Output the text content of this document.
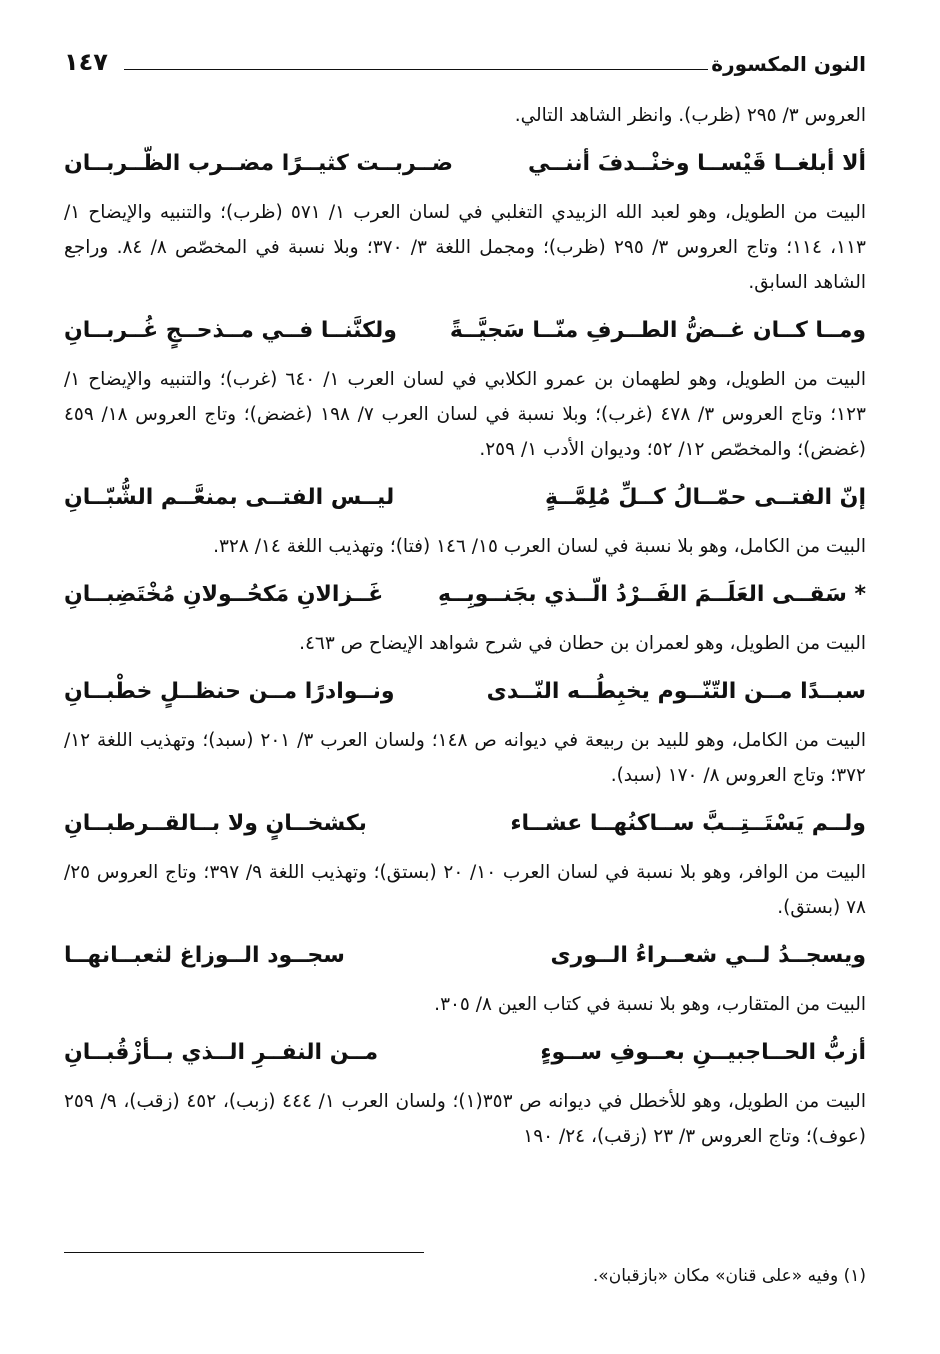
النون المكسورة
١٤٧

العروس ٣/ ٢٩٥ (ظرب). وانظر الشاهد التالي.

ألا أبلغــا قَيْســا وخنْــدفَ أننــي
ضــربــت كثيــرًا مضــرب الظّــربــان

البيت من الطويل، وهو لعبد الله الزبيدي التغلبي في لسان العرب ١/ ٥٧١ (ظرب)؛ والتنبيه والإيضاح ١/ ١١٣، ١١٤؛ وتاج العروس ٣/ ٢٩٥ (ظرب)؛ ومجمل اللغة ٣/ ٣٧٠؛ وبلا نسبة في المخصّص ٨/ ٨٤. وراجع الشاهد السابق.

ومــا كــان غــضُّ الطــرفِ منّــا سَجيَّــةً
ولكنَّنــا فــي مــذحــجٍ غُــربــانِ

البيت من الطويل، وهو لطهمان بن عمرو الكلابي في لسان العرب ١/ ٦٤٠ (غرب)؛ والتنبيه والإيضاح ١/ ١٢٣؛ وتاج العروس ٣/ ٤٧٨ (غرب)؛ وبلا نسبة في لسان العرب ٧/ ١٩٨ (غضض)؛ وتاج العروس ١٨/ ٤٥٩ (غضض)؛ والمخصّص ١٢/ ٥٢؛ وديوان الأدب ١/ ٢٥٩.

إنّ الفتــى حمّــالُ كــلِّ مُلِمَّــةٍ
ليــس الفتــى بمنعَّــم الشُّبّــانِ

البيت من الكامل، وهو بلا نسبة في لسان العرب ١٥/ ١٤٦ (فتا)؛ وتهذيب اللغة ١٤/ ٣٢٨.

* سَقــى العَلَــمَ الفَــرْدُ الّــذي بجَنــوبِــهِ
غَــزالانِ مَكحُــولانِ مُخْتَضِبــانِ

البيت من الطويل، وهو لعمران بن حطان في شرح شواهد الإيضاح ص ٤٦٣.

سبــدًا مــن التّنّــوم يخبِطُــه النّــدى
ونــوادرًا مــن حنظــلٍ خطْبــانِ

البيت من الكامل، وهو للبيد بن ربيعة في ديوانه ص ١٤٨؛ ولسان العرب ٣/ ٢٠١ (سبد)؛ وتهذيب اللغة ١٢/ ٣٧٢؛ وتاج العروس ٨/ ١٧٠ (سبد).

ولــم يَسْتَــتِــبَّ ســاكنُهــا عشــاء
بكشخــانٍ ولا بــالقــرطبــانِ

البيت من الوافر، وهو بلا نسبة في لسان العرب ١٠/ ٢٠ (بستق)؛ وتهذيب اللغة ٩/ ٣٩٧؛ وتاج العروس ٢٥/ ٧٨ (بستق).

ويسجــدُ لــي شعــراءُ الــورى
سجــود الــوزاغ لثعبــانهــا

البيت من المتقارب، وهو بلا نسبة في كتاب العين ٨/ ٣٠٥.

أزبُّ الحــاجبيــنِ بعــوفِ ســوءٍ
مــن النفــرِ الــذي بــأزْقُبــانِ

البيت من الطويل، وهو للأخطل في ديوانه ص ٣٥٣(١)؛ ولسان العرب ١/ ٤٤٤ (زبب)، ٤٥٢ (زقب)، ٩/ ٢٥٩ (عوف)؛ وتاج العروس ٣/ ٢٣ (زقب)، ٢٤/ ١٩٠

(١) وفيه «على قنان» مكان «بازقبان».
